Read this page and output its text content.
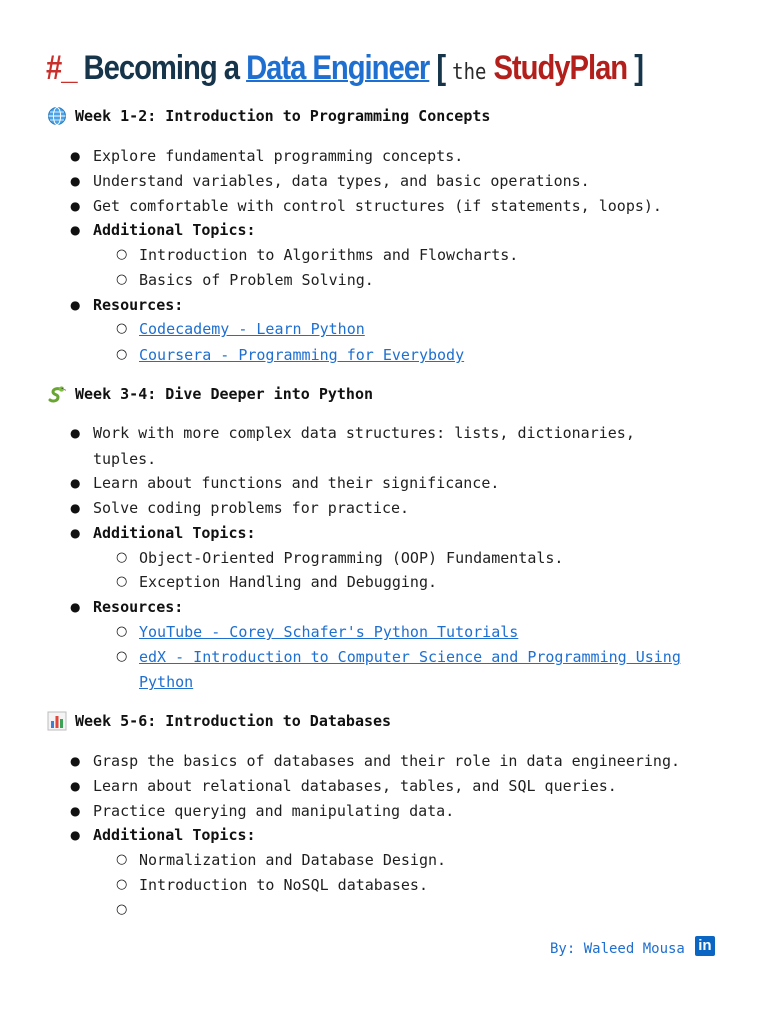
#_ Becoming a Data Engineer [ the StudyPlan ]
Week 1-2: Introduction to Programming Concepts
● Explore fundamental programming concepts.
● Understand variables, data types, and basic operations.
● Get comfortable with control structures (if statements, loops).
● Additional Topics:
○ Introduction to Algorithms and Flowcharts.
○ Basics of Problem Solving.
● Resources:
○ Codecademy - Learn Python
○ Coursera - Programming for Everybody
Week 3-4: Dive Deeper into Python
● Work with more complex data structures: lists, dictionaries,
tuples.
● Learn about functions and their significance.
● Solve coding problems for practice.
● Additional Topics:
○ Object-Oriented Programming (OOP) Fundamentals.
○ Exception Handling and Debugging.
● Resources:
○ YouTube - Corey Schafer's Python Tutorials
○ edX - Introduction to Computer Science and Programming Using
Python
Week 5-6: Introduction to Databases
● Grasp the basics of databases and their role in data engineering.
● Learn about relational databases, tables, and SQL queries.
● Practice querying and manipulating data.
● Additional Topics:
○ Normalization and Database Design.
○ Introduction to NoSQL databases.
○
By: Waleed Mousa in
